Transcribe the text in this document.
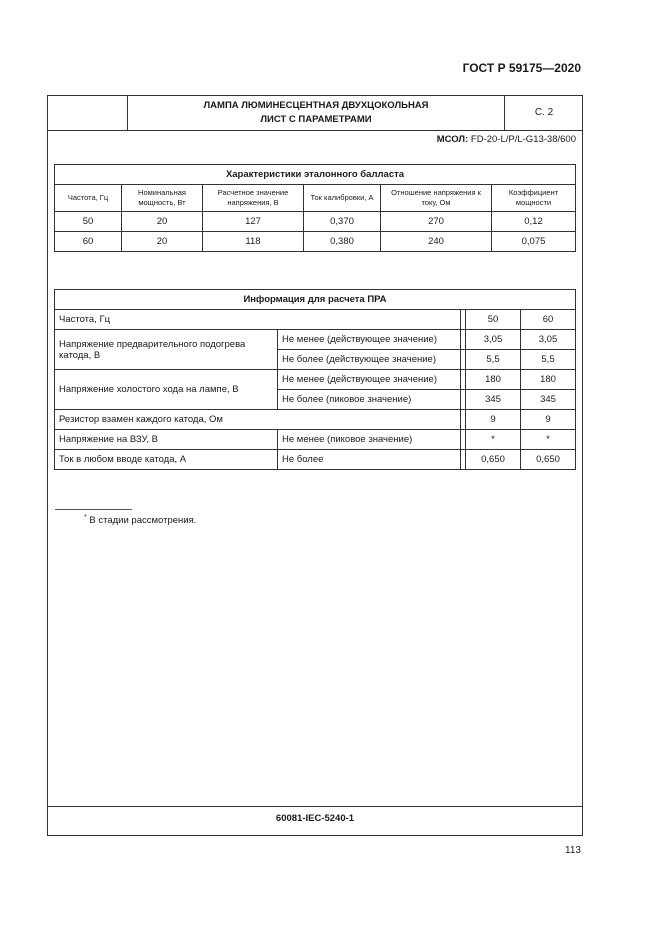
ГОСТ Р 59175—2020
ЛАМПА ЛЮМИНЕСЦЕНТНАЯ ДВУХЦОКОЛЬНАЯ
ЛИСТ С ПАРАМЕТРАМИ
С. 2
МСОЛ: FD-20-L/P/L-G13-38/600
Характеристики эталонного балласта					
Частота, Гц	Номинальная мощность, Вт	Расчетное значение напряжения, В	Ток калибровки, А	Отношение напряжения к току, Ом	Коэффициент мощности
50	20	127	0,370	270	0,12
60	20	118	0,380	240	0,075
Информация для расчета ПРА				
Частота, Гц			50	60
Напряжение предварительного подогрева катода, В	Не менее (действующее значение)		3,05	3,05
	Не более (действующее значение)		5,5	5,5
Напряжение холостого хода на лампе, В	Не менее (действующее значение)		180	180
	Не более (пиковое значение)		345	345
Резистор взамен каждого катода, Ом			9	9
Напряжение на ВЗУ, В	Не менее (пиковое значение)		*	*
Ток в любом вводе катода, А	Не более		0,650	0,650
60081-IEC-5240-1
* В стадии рассмотрения.
113
